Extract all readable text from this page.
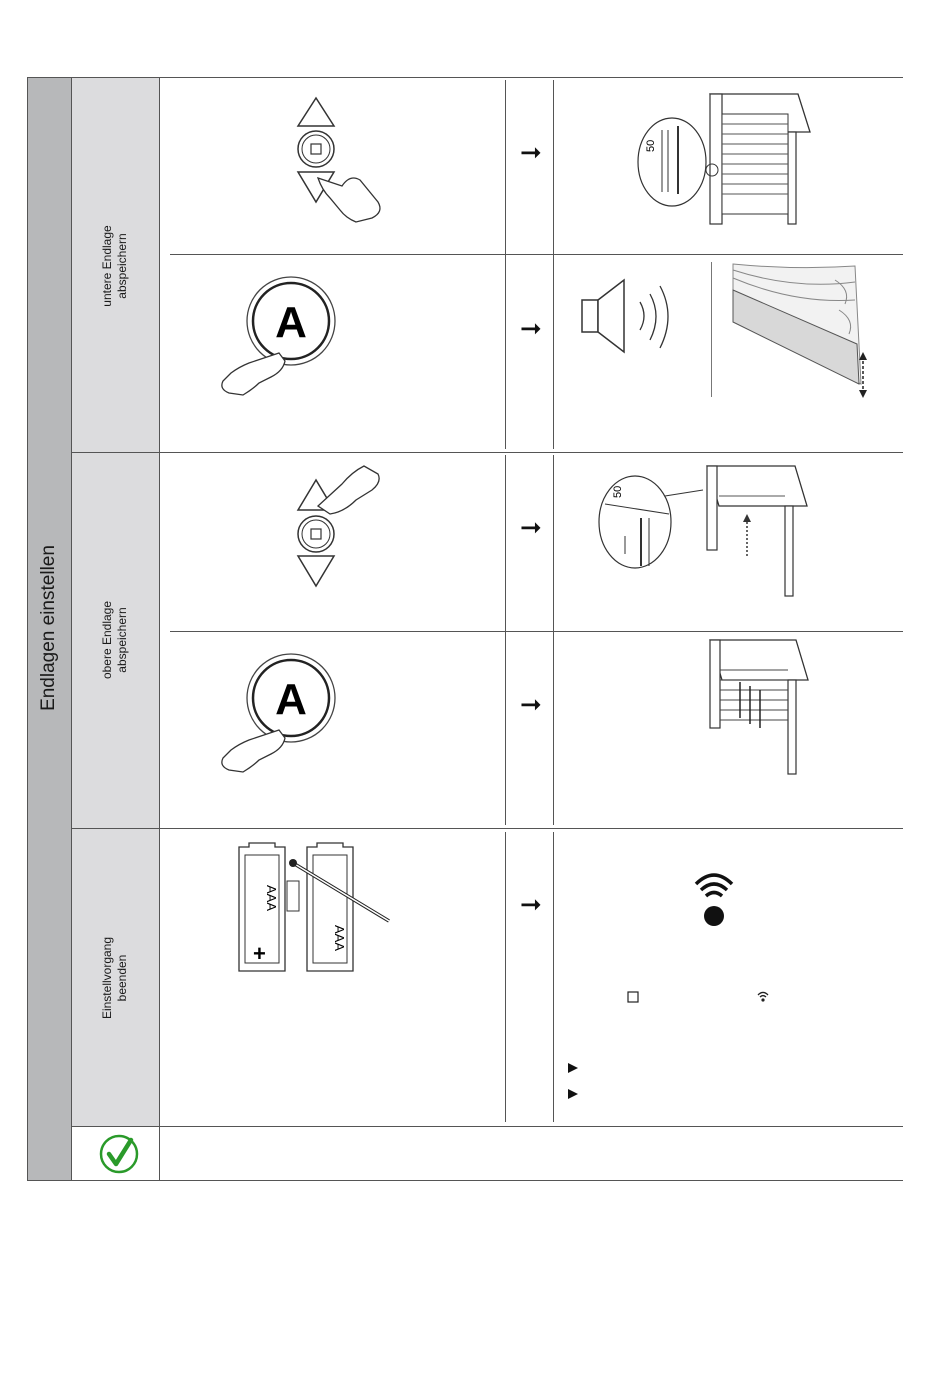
Endlagen einstellen
untere Endlage
abspeichern
obere Endlage
abspeichern
Einstellvorgang
beenden
➞
➞
➞
➞
➞
50
A
50
A
AAA
+
AAA
